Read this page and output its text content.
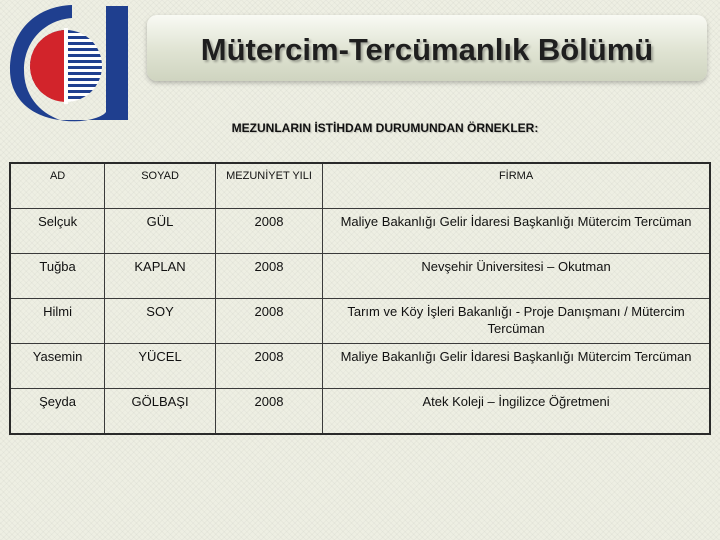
Mütercim-Tercümanlık Bölümü
MEZUNLARIN İSTİHDAM DURUMUNDAN ÖRNEKLER:
AD	SOYAD	MEZUNİYET YILI	FİRMA
Selçuk	GÜL	2008	Maliye Bakanlığı Gelir İdaresi Başkanlığı Mütercim Tercüman
Tuğba	KAPLAN	2008	Nevşehir Üniversitesi – Okutman
Hilmi	SOY	2008	Tarım ve Köy İşleri Bakanlığı - Proje Danışmanı / Mütercim Tercüman
Yasemin	YÜCEL	2008	Maliye Bakanlığı Gelir İdaresi Başkanlığı Mütercim Tercüman
Şeyda	GÖLBAŞI	2008	Atek Koleji – İngilizce Öğretmeni
